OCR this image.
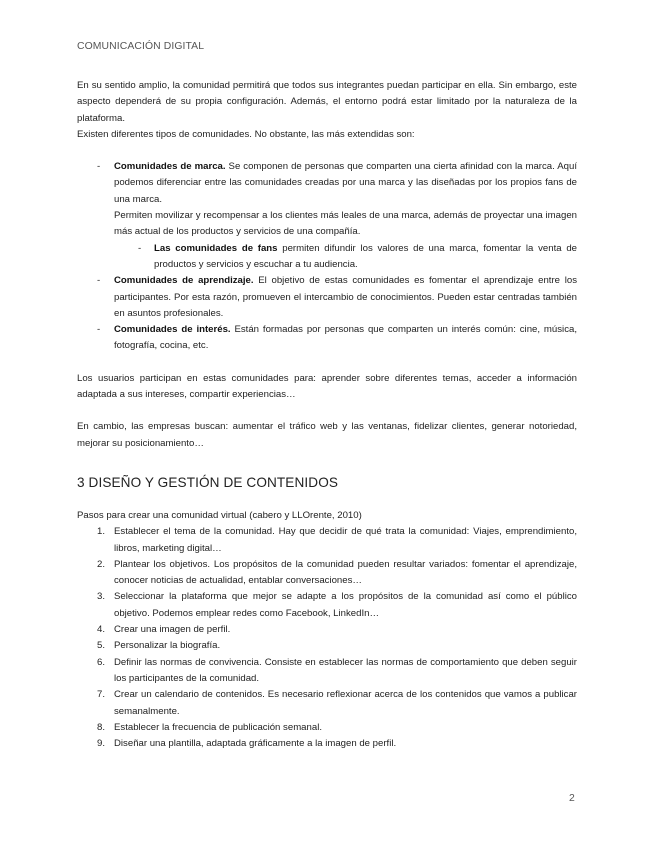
COMUNICACIÓN DIGITAL

En su sentido amplio, la comunidad permitirá que todos sus integrantes puedan participar en ella. Sin embargo, este aspecto dependerá de su propia configuración. Además, el entorno podrá estar limitado por la naturaleza de la plataforma.

Existen diferentes tipos de comunidades. No obstante, las más extendidas son:

- Comunidades de marca. Se componen de personas que comparten una cierta afinidad con la marca. Aquí podemos diferenciar entre las comunidades creadas por una marca y las diseñadas por los propios fans de una marca.
Permiten movilizar y recompensar a los clientes más leales de una marca, además de proyectar una imagen más actual de los productos y servicios de una compañía.
- Las comunidades de fans permiten difundir los valores de una marca, fomentar la venta de productos y servicios y escuchar a tu audiencia.
- Comunidades de aprendizaje. El objetivo de estas comunidades es fomentar el aprendizaje entre los participantes. Por esta razón, promueven el intercambio de conocimientos. Pueden estar centradas también en asuntos profesionales.
- Comunidades de interés. Están formadas por personas que comparten un interés común: cine, música, fotografía, cocina, etc.

Los usuarios participan en estas comunidades para: aprender sobre diferentes temas, acceder a información adaptada a sus intereses, compartir experiencias…

En cambio, las empresas buscan: aumentar el tráfico web y las ventanas, fidelizar clientes, generar notoriedad, mejorar su posicionamiento…

3 DISEÑO Y GESTIÓN DE CONTENIDOS

Pasos para crear una comunidad virtual (cabero y LLOrente, 2010)

1. Establecer el tema de la comunidad. Hay que decidir de qué trata la comunidad: Viajes, emprendimiento, libros, marketing digital…
2. Plantear los objetivos. Los propósitos de la comunidad pueden resultar variados: fomentar el aprendizaje, conocer noticias de actualidad, entablar conversaciones…
3. Seleccionar la plataforma que mejor se adapte a los propósitos de la comunidad así como el público objetivo. Podemos emplear redes como Facebook, LinkedIn…
4. Crear una imagen de perfil.
5. Personalizar la biografía.
6. Definir las normas de convivencia. Consiste en establecer las normas de comportamiento que deben seguir los participantes de la comunidad.
7. Crear un calendario de contenidos. Es necesario reflexionar acerca de los contenidos que vamos a publicar semanalmente.
8. Establecer la frecuencia de publicación semanal.
9. Diseñar una plantilla, adaptada gráficamente a la imagen de perfil.
2
